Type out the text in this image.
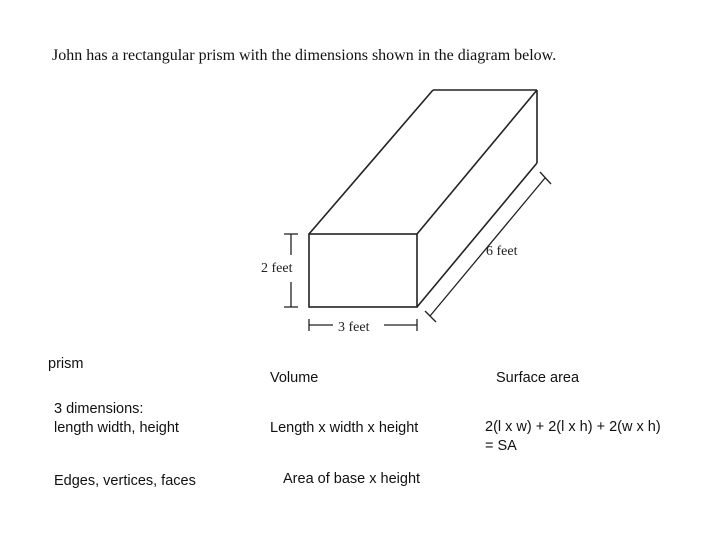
John has a rectangular prism with the dimensions shown in the diagram below.
2 feet
6 feet
3 feet
prism
3 dimensions:
length width, height
Edges, vertices, faces
Volume
Length x width x height
Area of base x height
Surface area
2(l x w) + 2(l x h) + 2(w x h)
= SA
